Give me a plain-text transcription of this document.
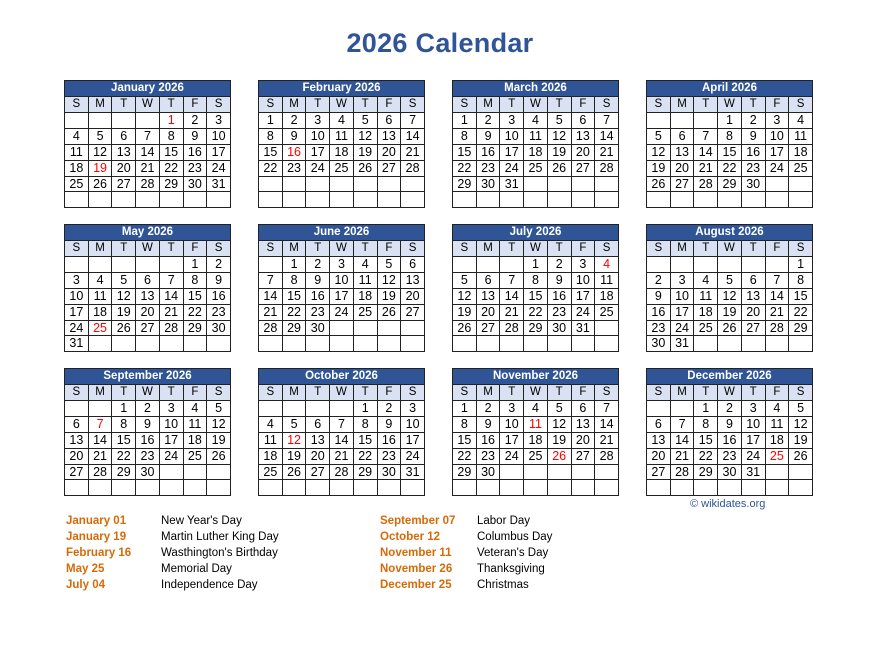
2026 Calendar
January 2026						
S	M	T	W	T	F	S
				1	2	3
4	5	6	7	8	9	10
11	12	13	14	15	16	17
18	19	20	21	22	23	24
25	26	27	28	29	30	31

February 2026						
S	M	T	W	T	F	S
1	2	3	4	5	6	7
8	9	10	11	12	13	14
15	16	17	18	19	20	21
22	23	24	25	26	27	28

March 2026						
S	M	T	W	T	F	S
1	2	3	4	5	6	7
8	9	10	11	12	13	14
15	16	17	18	19	20	21
22	23	24	25	26	27	28
29	30	31				

April 2026						
S	M	T	W	T	F	S
			1	2	3	4
5	6	7	8	9	10	11
12	13	14	15	16	17	18
19	20	21	22	23	24	25
26	27	28	29	30		

May 2026						
S	M	T	W	T	F	S
					1	2
3	4	5	6	7	8	9
10	11	12	13	14	15	16
17	18	19	20	21	22	23
24	25	26	27	28	29	30
31						
June 2026						
S	M	T	W	T	F	S
	1	2	3	4	5	6
7	8	9	10	11	12	13
14	15	16	17	18	19	20
21	22	23	24	25	26	27
28	29	30				

July 2026						
S	M	T	W	T	F	S
			1	2	3	4
5	6	7	8	9	10	11
12	13	14	15	16	17	18
19	20	21	22	23	24	25
26	27	28	29	30	31	

August 2026						
S	M	T	W	T	F	S
						1
2	3	4	5	6	7	8
9	10	11	12	13	14	15
16	17	18	19	20	21	22
23	24	25	26	27	28	29
30	31					
September 2026						
S	M	T	W	T	F	S
		1	2	3	4	5
6	7	8	9	10	11	12
13	14	15	16	17	18	19
20	21	22	23	24	25	26
27	28	29	30			

October 2026						
S	M	T	W	T	F	S
				1	2	3
4	5	6	7	8	9	10
11	12	13	14	15	16	17
18	19	20	21	22	23	24
25	26	27	28	29	30	31

November 2026						
S	M	T	W	T	F	S
1	2	3	4	5	6	7
8	9	10	11	12	13	14
15	16	17	18	19	20	21
22	23	24	25	26	27	28
29	30					

December 2026						
S	M	T	W	T	F	S
		1	2	3	4	5
6	7	8	9	10	11	12
13	14	15	16	17	18	19
20	21	22	23	24	25	26
27	28	29	30	31		

© wikidates.org
January 01	New Year's Day
January 19	Martin Luther King Day
February 16	Wasthington's Birthday
May 25	Memorial Day
July 04	Independence Day
September 07 Labor Day
October 12	Columbus Day
November 11 Veteran's Day
November 26 Thanksgiving
December 25 Christmas
